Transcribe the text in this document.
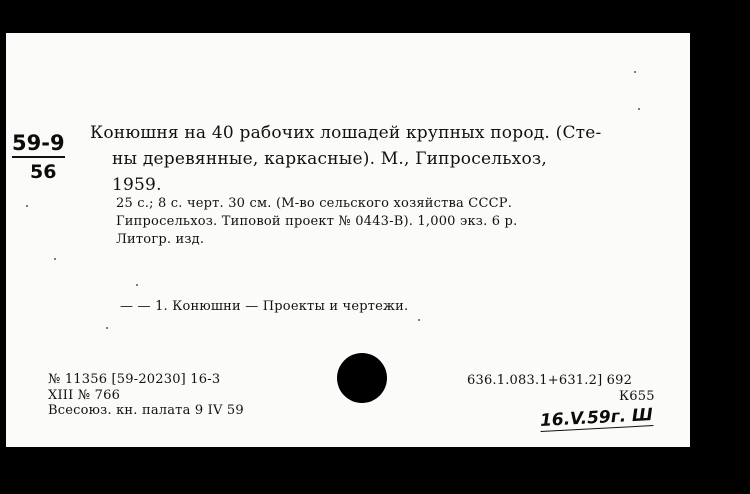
59-9
56
Конюшня на 40 рабочих лошадей крупных пород. (Сте-
ны деревянные, каркасные). М., Гипросельхоз,
1959.
25 с.; 8 с. черт. 30 см. (М-во сельского хозяйства СССР.
Гипросельхоз. Типовой проект № 0443-В). 1,000 экз. 6 р.
Литогр. изд.
— — 1. Конюшни — Проекты и чертежи.
№ 11356 [59-20230] 16-3
XIII № 766
Всесоюз. кн. палата 9 IV 59
636.1.083.1+631.2] 692
К655
16.V.59г. Ш
